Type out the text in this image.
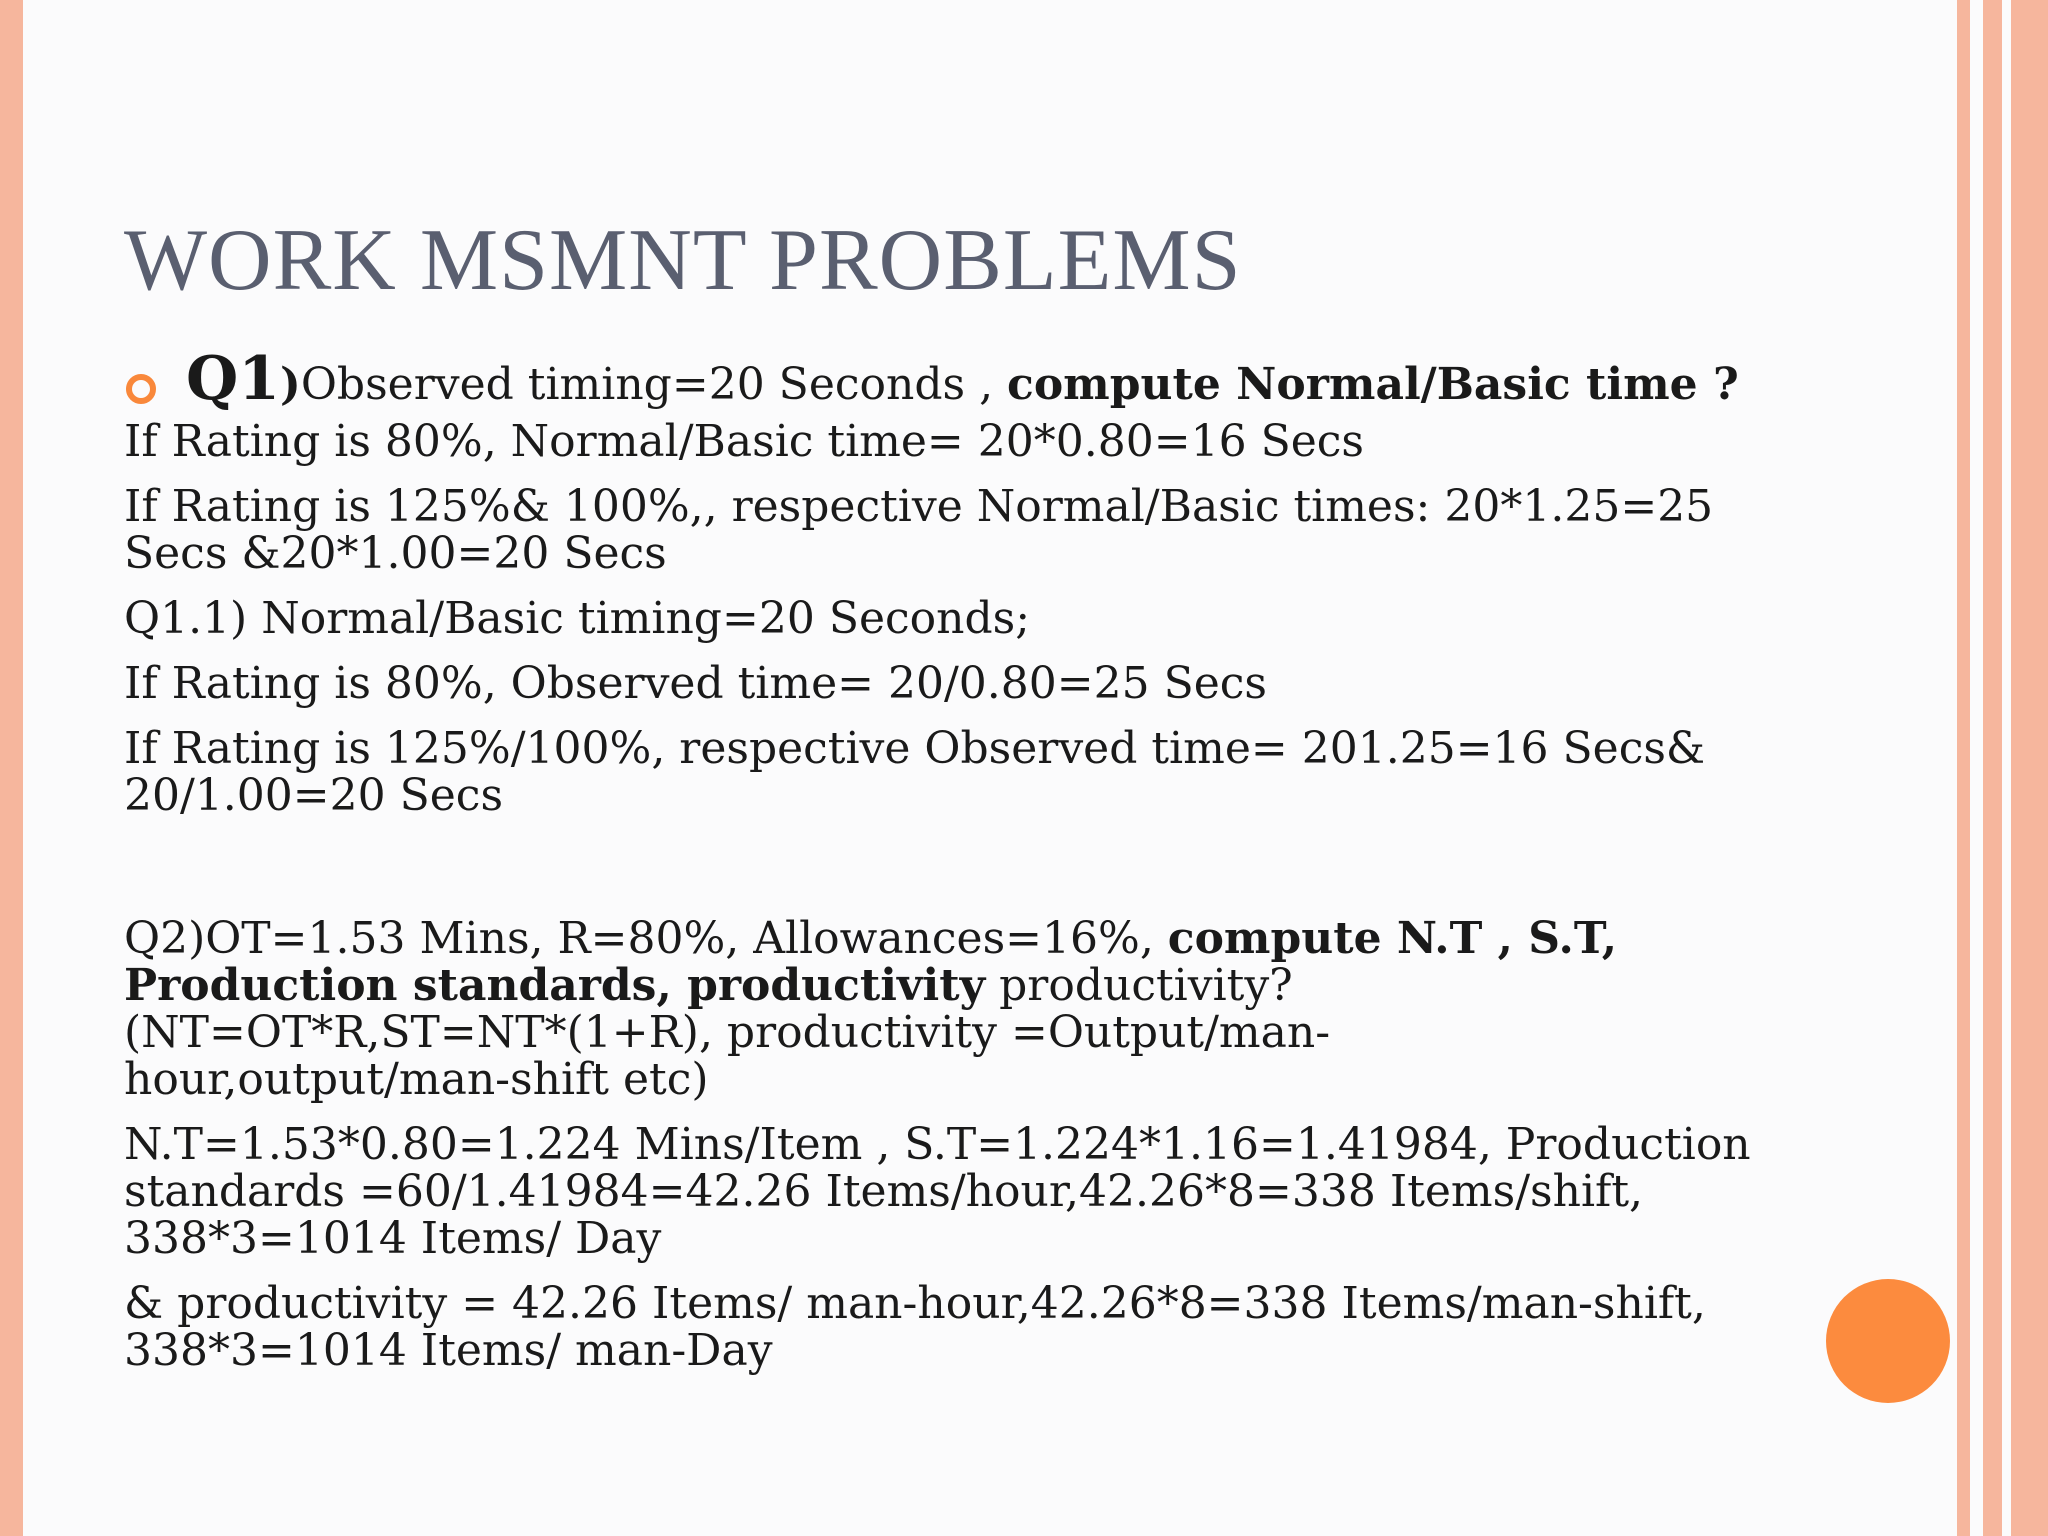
WORK MSMNT PROBLEMS
Q1)Observed timing=20 Seconds , compute Normal/Basic time ?
If Rating is 80%, Normal/Basic time= 20*0.80=16 Secs
If Rating is 125%& 100%,, respective Normal/Basic times: 20*1.25=25
Secs &20*1.00=20 Secs
Q1.1) Normal/Basic timing=20 Seconds;
If Rating is 80%, Observed time= 20/0.80=25 Secs
If Rating is 125%/100%, respective Observed time= 201.25=16 Secs&
20/1.00=20 Secs
Q2)OT=1.53 Mins, R=80%, Allowances=16%, compute N.T , S.T,
Production standards, productivity productivity?
(NT=OT*R,ST=NT*(1+R), productivity =Output/man-
hour,output/man-shift etc)
N.T=1.53*0.80=1.224 Mins/Item , S.T=1.224*1.16=1.41984, Production
standards =60/1.41984=42.26 Items/hour,42.26*8=338 Items/shift,
338*3=1014 Items/ Day
& productivity = 42.26 Items/ man-hour,42.26*8=338 Items/man-shift,
338*3=1014 Items/ man-Day
